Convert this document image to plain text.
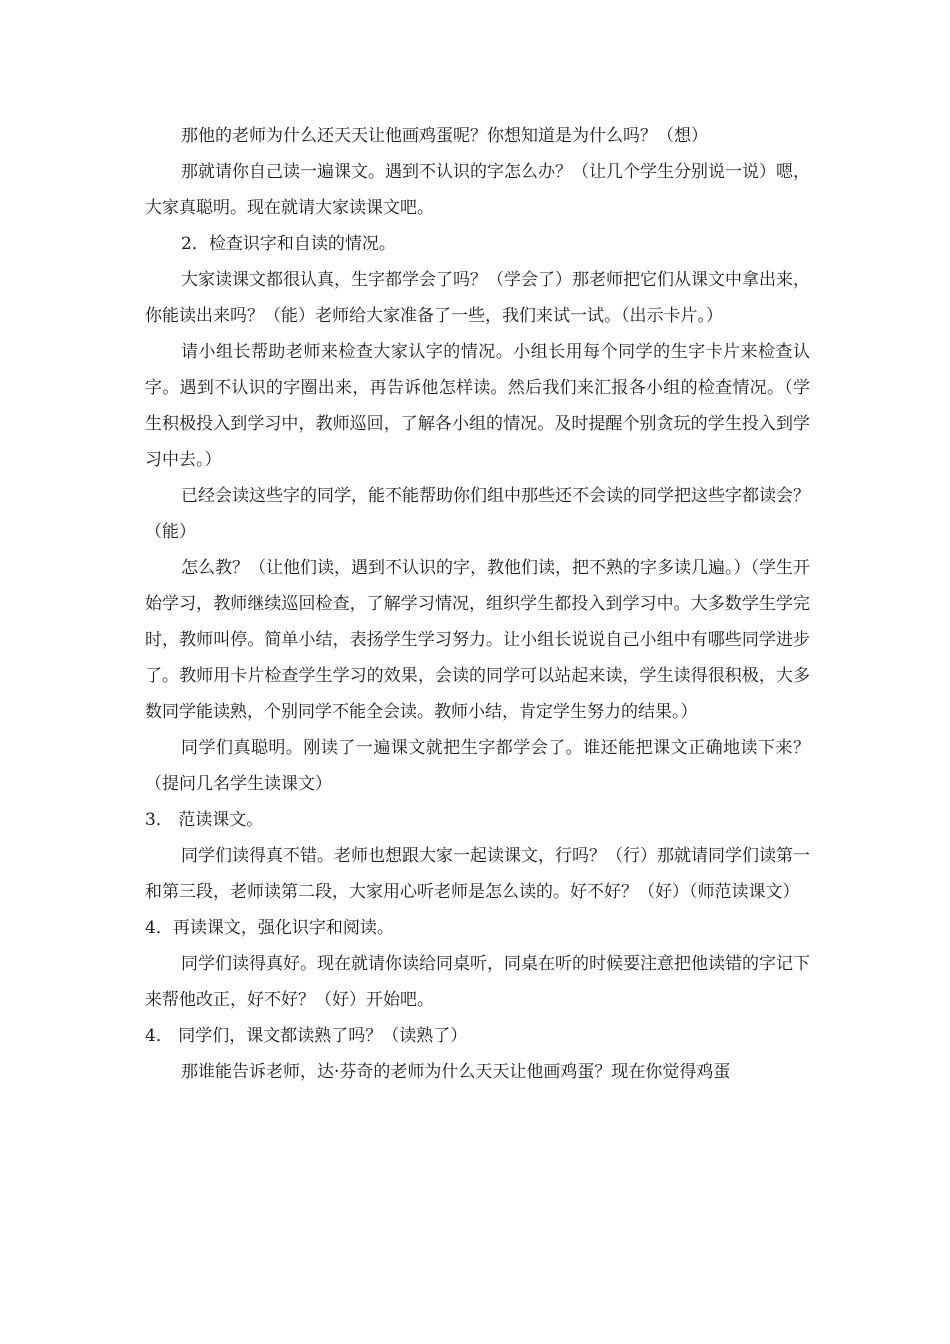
那他的老师为什么还天天让他画鸡蛋呢？你想知道是为什么吗？（想）

那就请你自己读一遍课文。遇到不认识的字怎么办？（让几个学生分别说一说）嗯，大家真聪明。现在就请大家读课文吧。

2．检查识字和自读的情况。

大家读课文都很认真，生字都学会了吗？（学会了）那老师把它们从课文中拿出来，你能读出来吗？（能）老师给大家准备了一些，我们来试一试。（出示卡片。）

请小组长帮助老师来检查大家认字的情况。小组长用每个同学的生字卡片来检查认字。遇到不认识的字圈出来，再告诉他怎样读。然后我们来汇报各小组的检查情况。（学生积极投入到学习中，教师巡回，了解各小组的情况。及时提醒个别贪玩的学生投入到学习中去。）

已经会读这些字的同学，能不能帮助你们组中那些还不会读的同学把这些字都读会？（能）

怎么教？（让他们读，遇到不认识的字，教他们读，把不熟的字多读几遍。）（学生开始学习，教师继续巡回检查，了解学习情况，组织学生都投入到学习中。大多数学生学完时，教师叫停。简单小结，表扬学生学习努力。让小组长说说自己小组中有哪些同学进步了。教师用卡片检查学生学习的效果，会读的同学可以站起来读，学生读得很积极，大多数同学能读熟，个别同学不能全会读。教师小结，肯定学生努力的结果。）

同学们真聪明。刚读了一遍课文就把生字都学会了。谁还能把课文正确地读下来？（提问几名学生读课文）

3． 范读课文。

同学们读得真不错。老师也想跟大家一起读课文，行吗？（行）那就请同学们读第一和第三段，老师读第二段，大家用心听老师是怎么读的。好不好？（好）（师范读课文）

4．再读课文，强化识字和阅读。

同学们读得真好。现在就请你读给同桌听，同桌在听的时候要注意把他读错的字记下来帮他改正，好不好？（好）开始吧。

4． 同学们，课文都读熟了吗？（读熟了）

那谁能告诉老师，达·芬奇的老师为什么天天让他画鸡蛋？现在你觉得鸡蛋
